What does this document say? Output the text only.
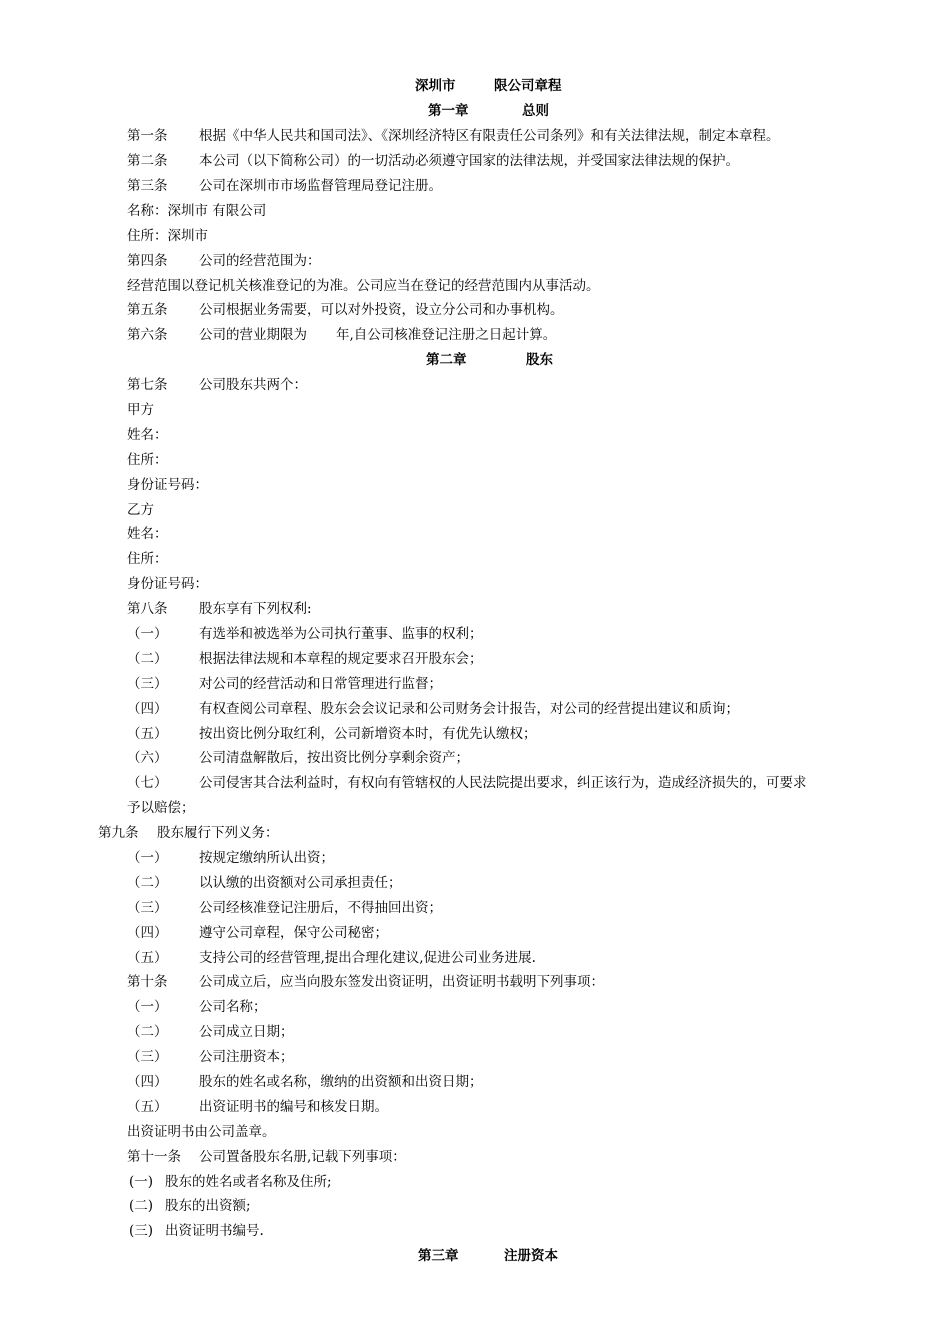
深圳市	限公司章程
第一章	总则
第一条 根据《中华人民共和国司法》、《深圳经济特区有限责任公司条列》和有关法律法规，制定本章程。
第二条 本公司（以下简称公司）的一切活动必须遵守国家的法律法规，并受国家法律法规的保护。
第三条 公司在深圳市市场监督管理局登记注册。
名称：深圳市 有限公司
住所：深圳市
第四条 公司的经营范围为：
经营范围以登记机关核准登记的为准。公司应当在登记的经营范围内从事活动。
第五条 公司根据业务需要，可以对外投资，设立分公司和办事机构。
第六条 公司的营业期限为 年,自公司核准登记注册之日起计算。
第二章	股东
第七条 公司股东共两个：
甲方
姓名：
住所：
身份证号码：
乙方
姓名：
住所：
身份证号码：
第八条 股东享有下列权利:
（一） 有选举和被选举为公司执行董事、监事的权利；
（二） 根据法律法规和本章程的规定要求召开股东会；
（三） 对公司的经营活动和日常管理进行监督；
（四） 有权查阅公司章程、股东会会议记录和公司财务会计报告，对公司的经营提出建议和质询；
（五） 按出资比例分取红利，公司新增资本时，有优先认缴权；
（六） 公司清盘解散后，按出资比例分享剩余资产；
（七） 公司侵害其合法利益时，有权向有管辖权的人民法院提出要求，纠正该行为，造成经济损失的，可要求
予以赔偿；
第九条 股东履行下列义务：
（一） 按规定缴纳所认出资；
（二） 以认缴的出资额对公司承担责任；
（三） 公司经核准登记注册后，不得抽回出资；
（四） 遵守公司章程，保守公司秘密；
（五） 支持公司的经营管理,提出合理化建议,促进公司业务进展.
第十条 公司成立后，应当向股东签发出资证明，出资证明书载明下列事项：
（一） 公司名称；
（二） 公司成立日期；
（三） 公司注册资本；
（四） 股东的姓名或名称，缴纳的出资额和出资日期；
（五） 出资证明书的编号和核发日期。
出资证明书由公司盖章。
第十一条 公司置备股东名册,记载下列事项：
(一) 股东的姓名或者名称及住所;
(二) 股东的出资额;
(三) 出资证明书编号.
第三章	注册资本
